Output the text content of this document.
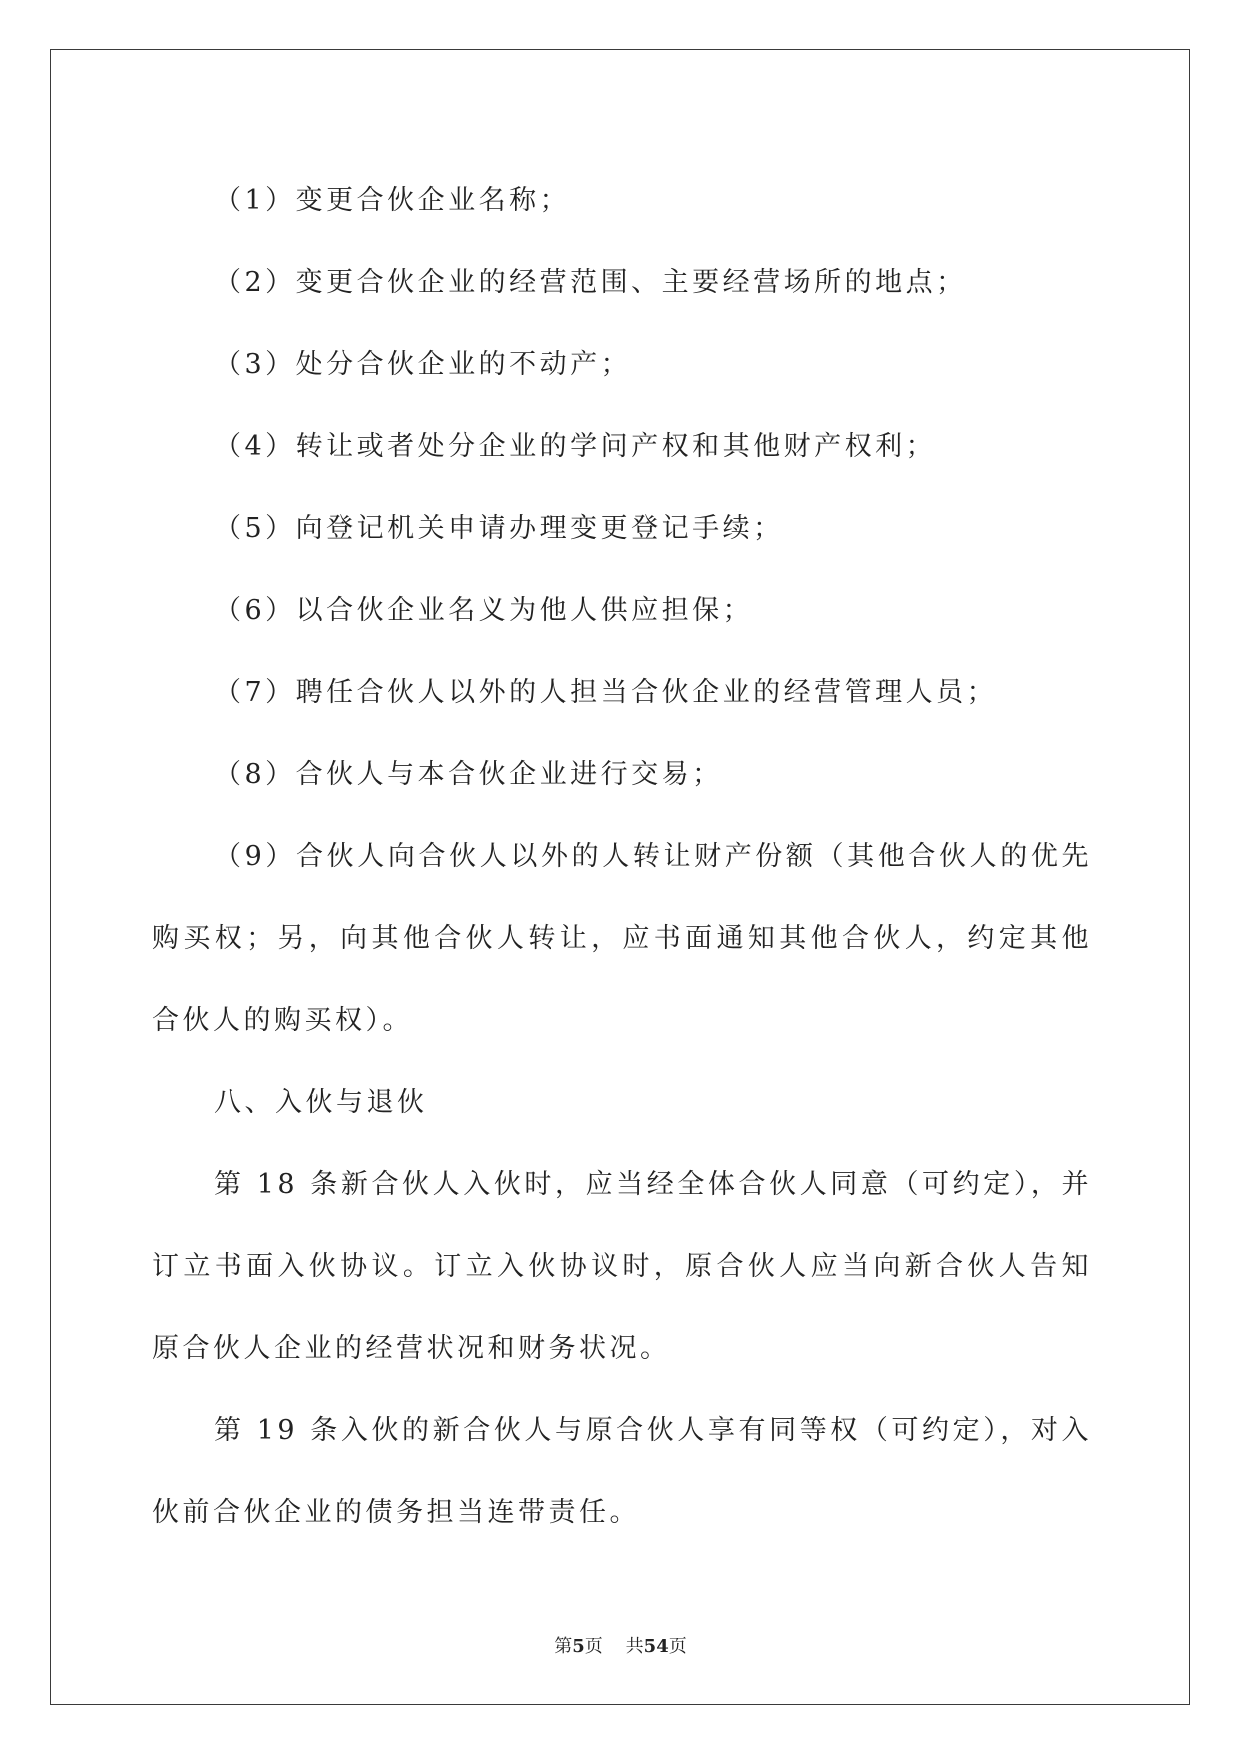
（1）变更合伙企业名称；

（2）变更合伙企业的经营范围、主要经营场所的地点；

（3）处分合伙企业的不动产；

（4）转让或者处分企业的学问产权和其他财产权利；

（5）向登记机关申请办理变更登记手续；

（6）以合伙企业名义为他人供应担保；

（7）聘任合伙人以外的人担当合伙企业的经营管理人员；

（8）合伙人与本合伙企业进行交易；

（9）合伙人向合伙人以外的人转让财产份额（其他合伙人的优先购买权；另，向其他合伙人转让，应书面通知其他合伙人，约定其他合伙人的购买权）。

八、入伙与退伙

第 18 条新合伙人入伙时，应当经全体合伙人同意（可约定），并订立书面入伙协议。订立入伙协议时，原合伙人应当向新合伙人告知原合伙人企业的经营状况和财务状况。

第 19 条入伙的新合伙人与原合伙人享有同等权（可约定），对入伙前合伙企业的债务担当连带责任。

第5页 共54页
